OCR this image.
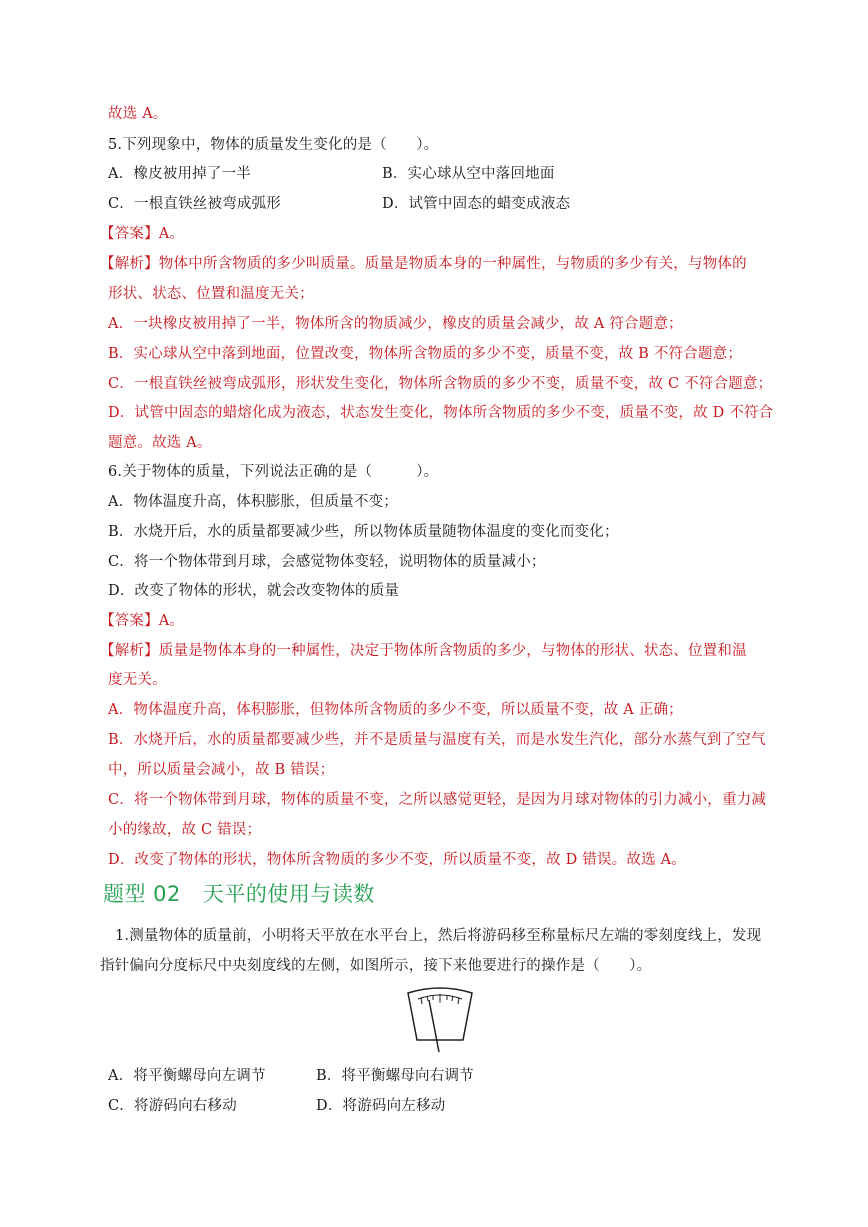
故选 A。
5.下列现象中，物体的质量发生变化的是（　　）。
A．橡皮被用掉了一半	B．实心球从空中落回地面
C．一根直铁丝被弯成弧形	D．试管中固态的蜡变成液态
【答案】A。
【解析】物体中所含物质的多少叫质量。质量是物质本身的一种属性，与物质的多少有关，与物体的
形状、状态、位置和温度无关；
A．一块橡皮被用掉了一半，物体所含的物质减少，橡皮的质量会减少，故 A 符合题意；
B．实心球从空中落到地面，位置改变，物体所含物质的多少不变，质量不变，故 B 不符合题意；
C．一根直铁丝被弯成弧形，形状发生变化，物体所含物质的多少不变，质量不变，故 C 不符合题意；
D．试管中固态的蜡熔化成为液态，状态发生变化，物体所含物质的多少不变，质量不变，故 D 不符合
题意。故选 A。
6.关于物体的质量，下列说法正确的是（　　　）。
A．物体温度升高，体积膨胀，但质量不变；
B．水烧开后，水的质量都要减少些，所以物体质量随物体温度的变化而变化；
C．将一个物体带到月球，会感觉物体变轻，说明物体的质量减小；
D．改变了物体的形状，就会改变物体的质量
【答案】A。
【解析】质量是物体本身的一种属性，决定于物体所含物质的多少，与物体的形状、状态、位置和温
度无关。
A．物体温度升高，体积膨胀，但物体所含物质的多少不变，所以质量不变，故 A 正确；
B．水烧开后，水的质量都要减少些，并不是质量与温度有关，而是水发生汽化，部分水蒸气到了空气
中，所以质量会减小，故 B 错误；
C．将一个物体带到月球，物体的质量不变，之所以感觉更轻，是因为月球对物体的引力减小，重力减
小的缘故，故 C 错误；
D．改变了物体的形状，物体所含物质的多少不变，所以质量不变，故 D 错误。故选 A。
题型 02 天平的使用与读数
1.测量物体的质量前，小明将天平放在水平台上，然后将游码移至称量标尺左端的零刻度线上，发现
指针偏向分度标尺中央刻度线的左侧，如图所示，接下来他要进行的操作是（　　）。
A．将平衡螺母向左调节	B．将平衡螺母向右调节
C．将游码向右移动	D．将游码向左移动
